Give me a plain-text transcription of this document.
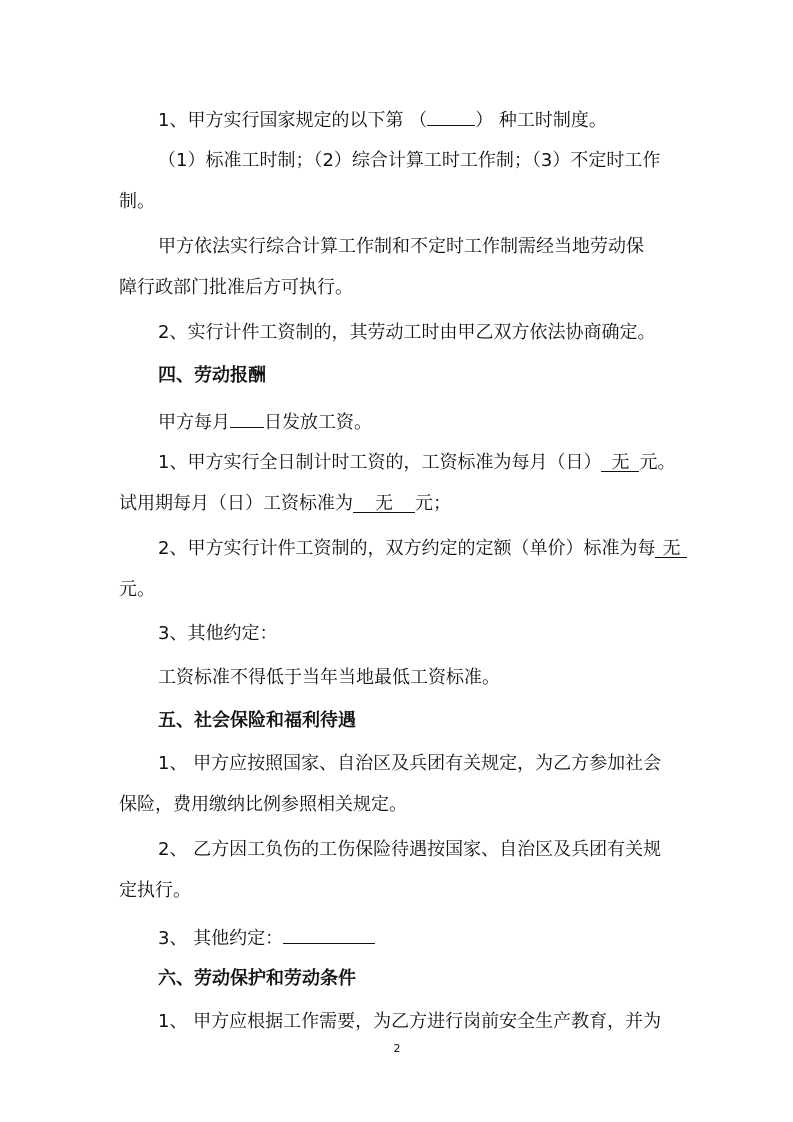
1、甲方实行国家规定的以下第 （	） 种工时制度。
（1）标准工时制；（2）综合计算工时工作制；（3）不定时工作
制。
甲方依法实行综合计算工作制和不定时工作制需经当地劳动保
障行政部门批准后方可执行。
2、实行计件工资制的，其劳动工时由甲乙双方依法协商确定。
四、劳动报酬
甲方每月 日发放工资。
1、甲方实行全日制计时工资的，工资标准为每月（日） 无 元。
试用期每月（日）工资标准为 无 元；
2、甲方实行计件工资制的，双方约定的定额（单价）标准为每 无
元。
3、其他约定：
工资标准不得低于当年当地最低工资标准。
五、社会保险和福利待遇
1、 甲方应按照国家、自治区及兵团有关规定，为乙方参加社会
保险，费用缴纳比例参照相关规定。
2、 乙方因工负伤的工伤保险待遇按国家、自治区及兵团有关规
定执行。
3、 其他约定：
六、劳动保护和劳动条件
1、 甲方应根据工作需要，为乙方进行岗前安全生产教育，并为
2
